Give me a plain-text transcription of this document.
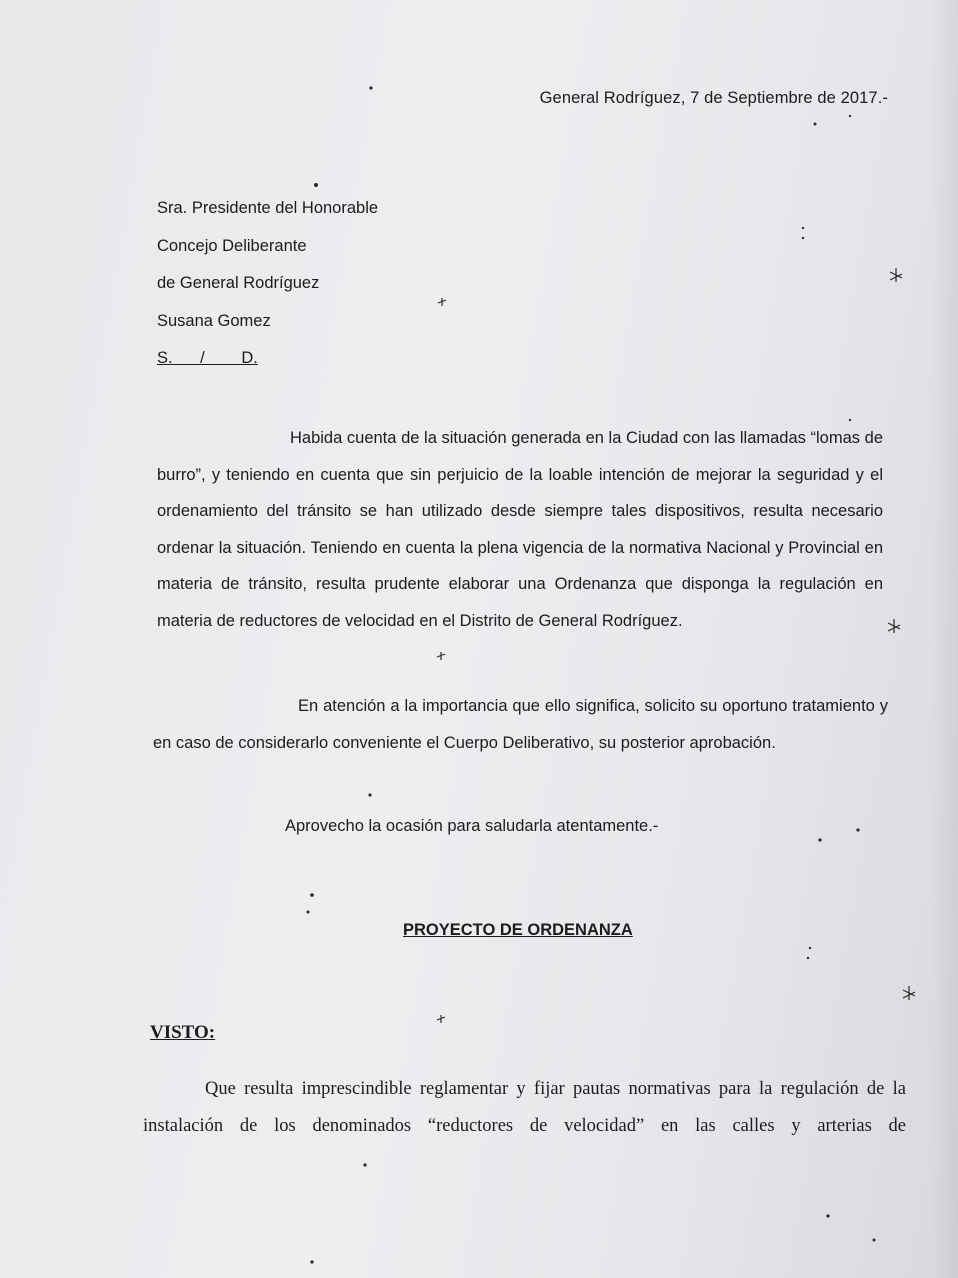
General Rodríguez, 7 de Septiembre de 2017.-
Sra. Presidente del Honorable
Concejo Deliberante
de General Rodríguez
Susana Gomez
S.      /        D.

Habida cuenta de la situación generada en la Ciudad con las llamadas “lomas de burro”, y teniendo en cuenta que sin perjuicio de la loable intención de mejorar la seguridad y el ordenamiento del tránsito se han utilizado desde siempre tales dispositivos, resulta necesario ordenar la situación. Teniendo en cuenta la plena vigencia de la normativa Nacional y Provincial en materia de tránsito, resulta prudente elaborar una Ordenanza que disponga la regulación en materia de reductores de velocidad en el Distrito de General Rodríguez.

En atención a la importancia que ello significa, solicito su oportuno tratamiento y en caso de considerarlo conveniente el Cuerpo Deliberativo, su posterior aprobación.

Aprovecho la ocasión para saludarla atentamente.-
PROYECTO DE ORDENANZA
VISTO:

Que resulta imprescindible reglamentar y fijar pautas normativas para la regulación de la instalación de los denominados “reductores de velocidad” en las calles y arterias de
